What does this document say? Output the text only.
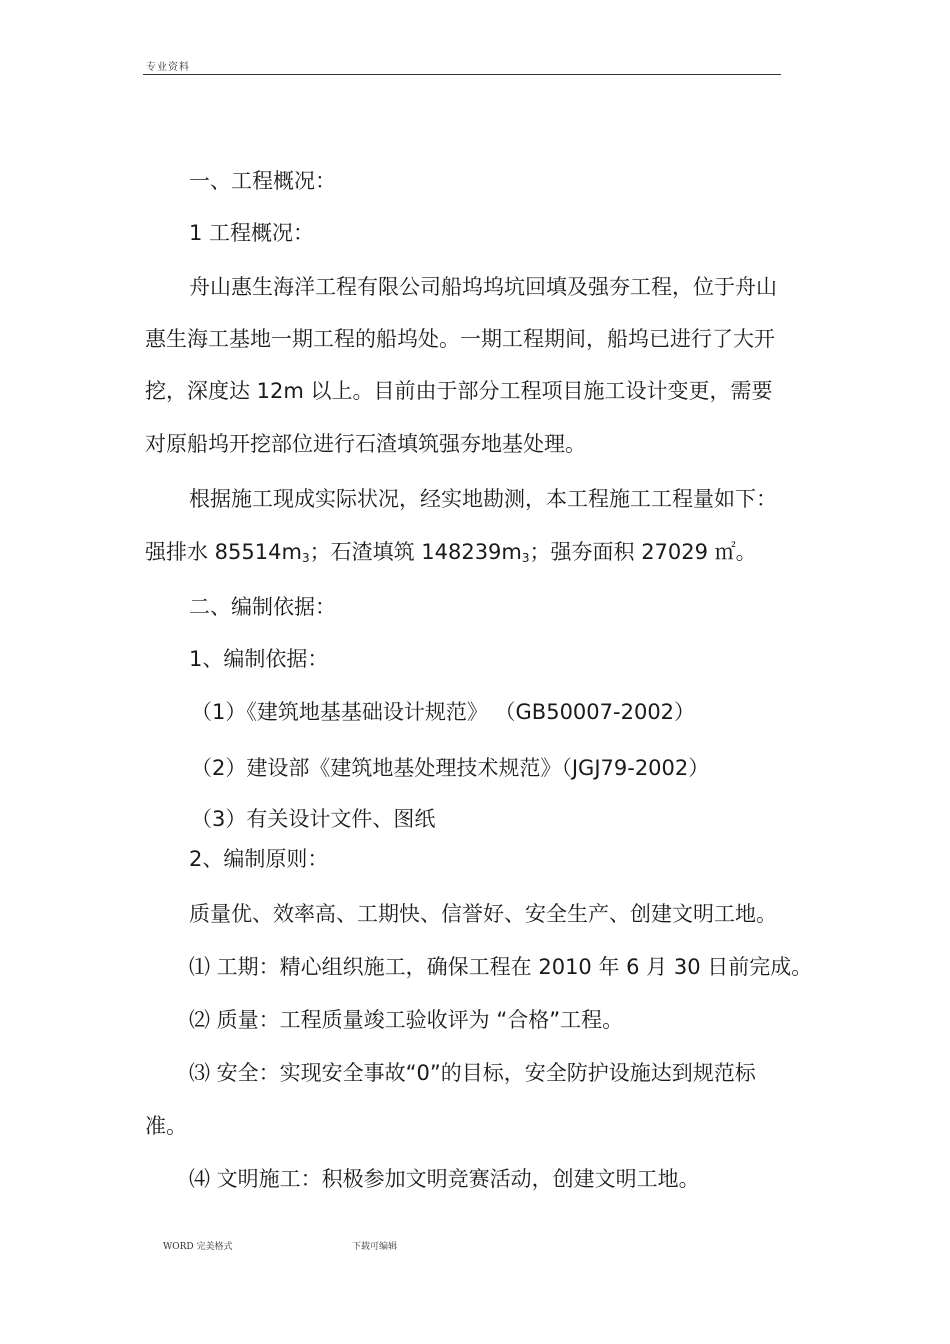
专业资料
一、工程概况：
1 工程概况：
舟山惠生海洋工程有限公司船坞坞坑回填及强夯工程，位于舟山
惠生海工基地一期工程的船坞处。一期工程期间，船坞已进行了大开
挖，深度达 12m 以上。目前由于部分工程项目施工设计变更，需要
对原船坞开挖部位进行石渣填筑强夯地基处理。
根据施工现成实际状况，经实地勘测，本工程施工工程量如下：
强排水 $85514m_3$；石渣填筑 $148239m_3$；强夯面积 27029 ㎡。
二、编制依据：
1、编制依据：
（1）《建筑地基基础设计规范》 （GB50007-2002）
（2）建设部《建筑地基处理技术规范》（JGJ79-2002）
（3）有关设计文件、图纸
2、编制原则：
质量优、效率高、工期快、信誉好、安全生产、创建文明工地。
⑴ 工期：精心组织施工，确保工程在 2010 年 6 月 30 日前完成。
⑵ 质量：工程质量竣工验收评为 “合格”工程。
⑶ 安全：实现安全事故“0”的目标，安全防护设施达到规范标
准。
⑷ 文明施工：积极参加文明竞赛活动，创建文明工地。
WORD 完美格式	下载可编辑
